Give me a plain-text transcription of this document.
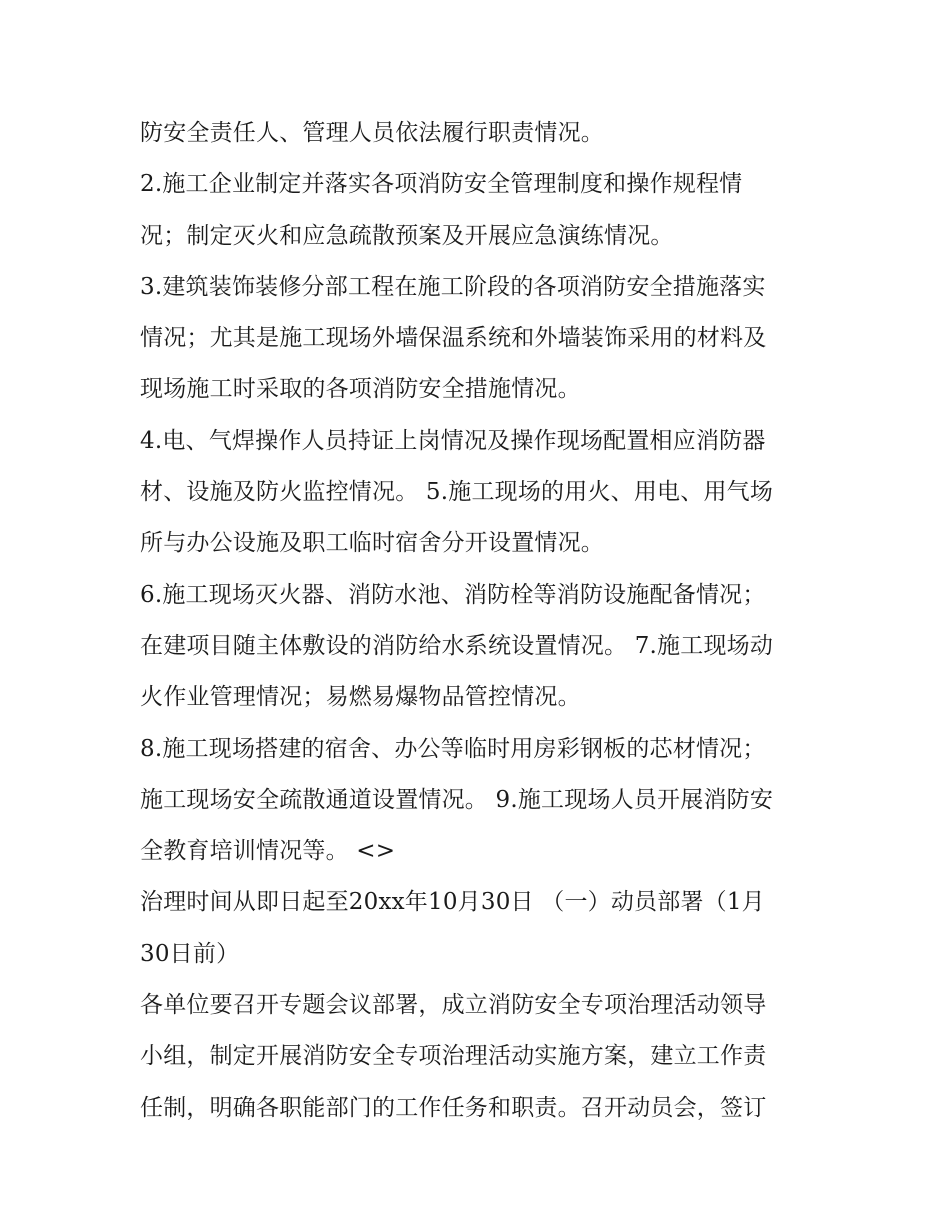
防安全责任人、管理人员依法履行职责情况。
2.施工企业制定并落实各项消防安全管理制度和操作规程情
况；制定灭火和应急疏散预案及开展应急演练情况。
3.建筑装饰装修分部工程在施工阶段的各项消防安全措施落实
情况；尤其是施工现场外墙保温系统和外墙装饰采用的材料及
现场施工时采取的各项消防安全措施情况。
4.电、气焊操作人员持证上岗情况及操作现场配置相应消防器
材、设施及防火监控情况。 5.施工现场的用火、用电、用气场
所与办公设施及职工临时宿舍分开设置情况。
6.施工现场灭火器、消防水池、消防栓等消防设施配备情况；
在建项目随主体敷设的消防给水系统设置情况。 7.施工现场动
火作业管理情况；易燃易爆物品管控情况。
8.施工现场搭建的宿舍、办公等临时用房彩钢板的芯材情况；
施工现场安全疏散通道设置情况。 9.施工现场人员开展消防安
全教育培训情况等。 <>
治理时间从即日起至20xx年10月30日 （一）动员部署（1月
30日前）
各单位要召开专题会议部署，成立消防安全专项治理活动领导
小组，制定开展消防安全专项治理活动实施方案，建立工作责
任制，明确各职能部门的工作任务和职责。召开动员会，签订
